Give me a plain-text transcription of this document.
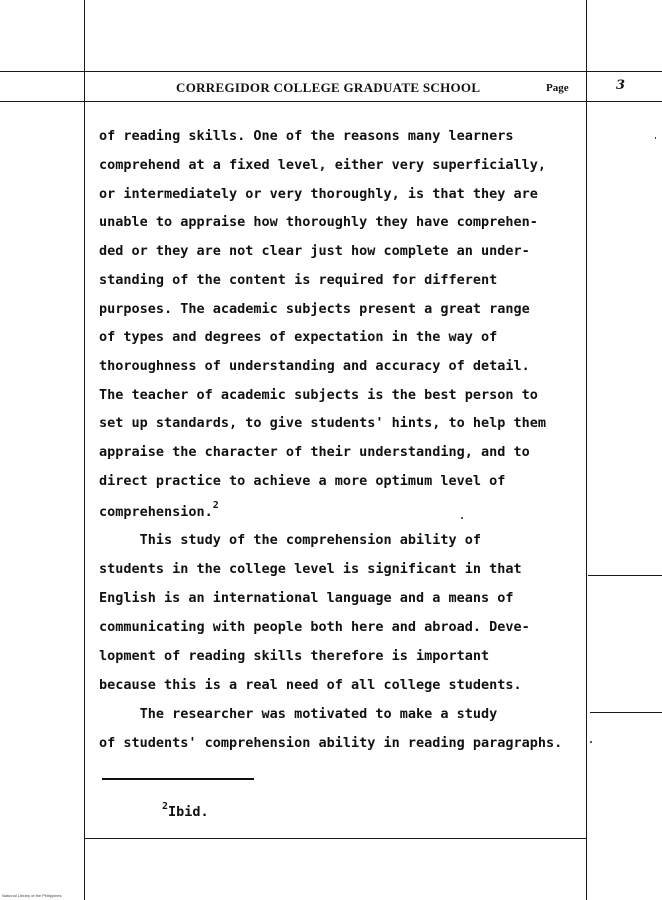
CORREGIDOR COLLEGE GRADUATE SCHOOL	Page	3
of reading skills. One of the reasons many learners
comprehend at a fixed level, either very superficially,
or intermediately or very thoroughly, is that they are
unable to appraise how thoroughly they have comprehen-
ded or they are not clear just how complete an under-
standing of the content is required for different
purposes. The academic subjects present a great range
of types and degrees of expectation in the way of
thoroughness of understanding and accuracy of detail.
The teacher of academic subjects is the best person to
set up standards, to give students' hints, to help them
appraise the character of their understanding, and to
direct practice to achieve a more optimum level of
comprehension.$^2$
This study of the comprehension ability of
students in the college level is significant in that
English is an international language and a means of
communicating with people both here and abroad. Deve-
lopment of reading skills therefore is important
because this is a real need of all college students.
The researcher was motivated to make a study
of students' comprehension ability in reading paragraphs.
$^2$Ibid.
National Library of the Philippines
